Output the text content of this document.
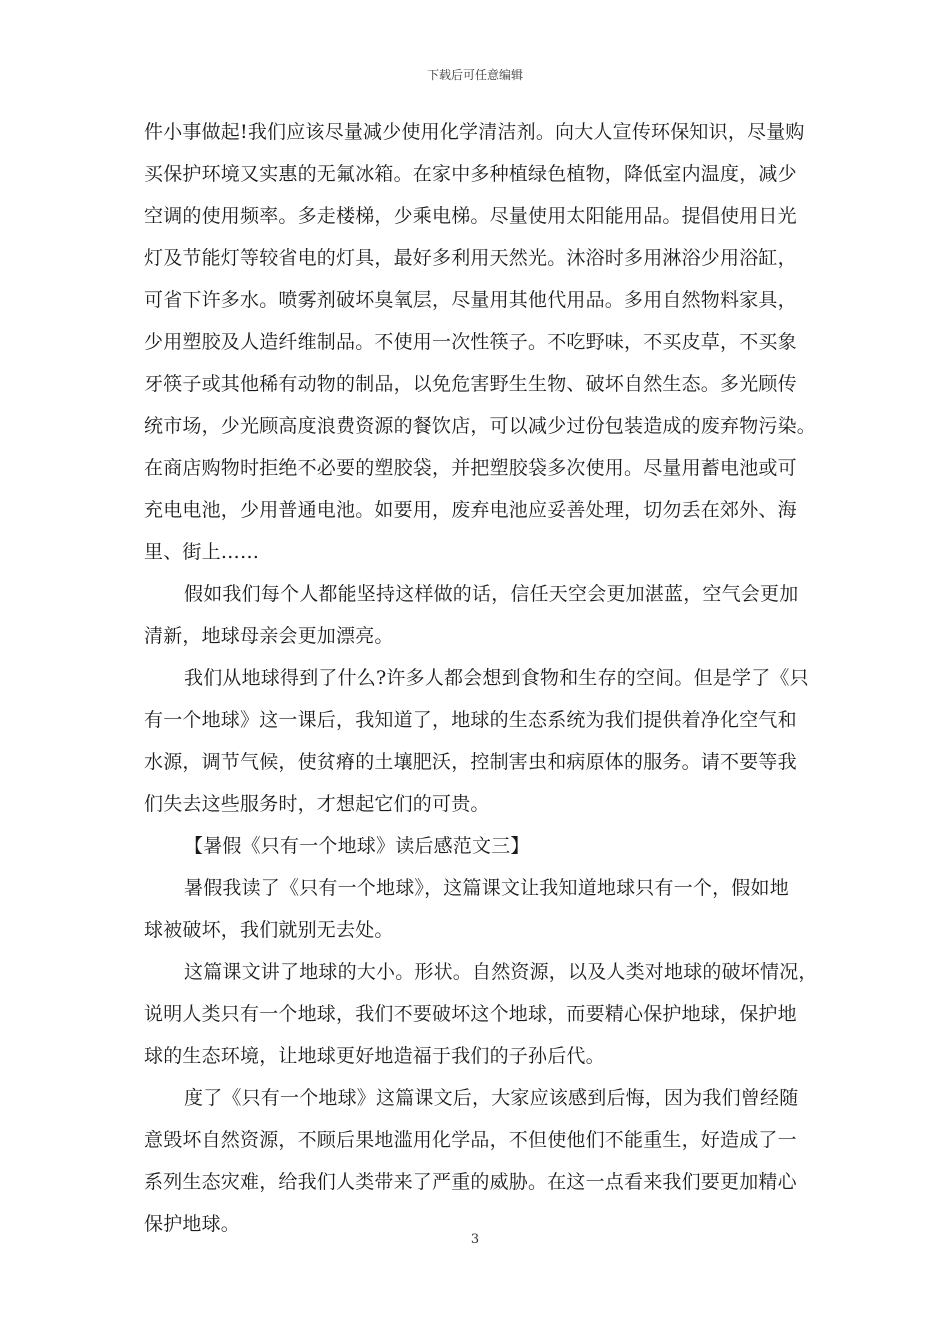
下载后可任意编辑
件小事做起!我们应该尽量减少使用化学清洁剂。向大人宣传环保知识，尽量购
买保护环境又实惠的无氟冰箱。在家中多种植绿色植物，降低室内温度，减少
空调的使用频率。多走楼梯，少乘电梯。尽量使用太阳能用品。提倡使用日光
灯及节能灯等较省电的灯具，最好多利用天然光。沐浴时多用淋浴少用浴缸，
可省下许多水。喷雾剂破坏臭氧层，尽量用其他代用品。多用自然物料家具，
少用塑胶及人造纤维制品。不使用一次性筷子。不吃野味，不买皮草，不买象
牙筷子或其他稀有动物的制品，以免危害野生生物、破坏自然生态。多光顾传
统市场，少光顾高度浪费资源的餐饮店，可以减少过份包装造成的废弃物污染。
在商店购物时拒绝不必要的塑胶袋，并把塑胶袋多次使用。尽量用蓄电池或可
充电电池，少用普通电池。如要用，废弃电池应妥善处理，切勿丢在郊外、海
里、街上……
假如我们每个人都能坚持这样做的话，信任天空会更加湛蓝，空气会更加
清新，地球母亲会更加漂亮。
我们从地球得到了什么?许多人都会想到食物和生存的空间。但是学了《只
有一个地球》这一课后，我知道了，地球的生态系统为我们提供着净化空气和
水源，调节气候，使贫瘠的土壤肥沃，控制害虫和病原体的服务。请不要等我
们失去这些服务时，才想起它们的可贵。
【暑假《只有一个地球》读后感范文三】
暑假我读了《只有一个地球》，这篇课文让我知道地球只有一个，假如地
球被破坏，我们就别无去处。
这篇课文讲了地球的大小。形状。自然资源，以及人类对地球的破坏情况，
说明人类只有一个地球，我们不要破坏这个地球，而要精心保护地球，保护地
球的生态环境，让地球更好地造福于我们的子孙后代。
度了《只有一个地球》这篇课文后，大家应该感到后悔，因为我们曾经随
意毁坏自然资源，不顾后果地滥用化学品，不但使他们不能重生，好造成了一
系列生态灾难，给我们人类带来了严重的威胁。在这一点看来我们要更加精心
保护地球。
3
